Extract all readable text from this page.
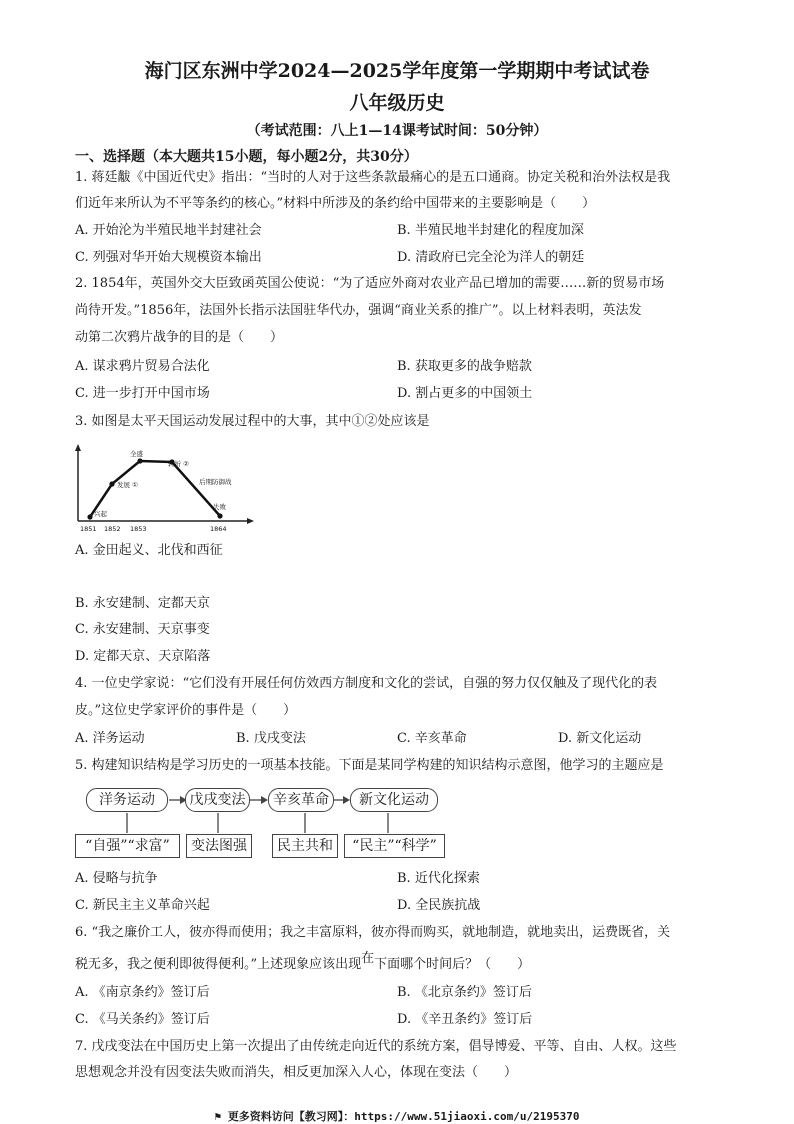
海门区东洲中学2024—2025学年度第一学期期中考试试卷
八年级历史
（考试范围：八上1—14课考试时间：50分钟）
一、选择题（本大题共15小题，每小题2分，共30分）
1. 蒋廷黻《中国近代史》指出：“当时的人对于这些条款最痛心的是五口通商。协定关税和治外法权是我
们近年来所认为不平等条约的核心。”材料中所涉及的条约给中国带来的主要影响是（　　）
A. 开始沦为半殖民地半封建社会	B. 半殖民地半封建化的程度加深
C. 列强对华开始大规模资本输出	D. 清政府已完全沦为洋人的朝廷
2. 1854年，英国外交大臣致函英国公使说：“为了适应外商对农业产品已增加的需要……新的贸易市场
尚待开发。”1856年，法国外长指示法国驻华代办，强调“商业关系的推广”。以上材料表明，英法发
动第二次鸦片战争的目的是（　　）
A. 谋求鸦片贸易合法化	B. 获取更多的战争赔款
C. 进一步打开中国市场	D. 割占更多的中国领土
3. 如图是太平天国运动发展过程中的大事，其中①②处应该是
兴起
发展 ①
全盛
转折 ②
后期防御战
失败
1851 1852 1853	1864
A. 金田起义、北伐和西征
B. 永安建制、定都天京
C. 永安建制、天京事变
D. 定都天京、天京陷落
4. 一位史学家说：“它们没有开展任何仿效西方制度和文化的尝试，自强的努力仅仅触及了现代化的表
皮。”这位史学家评价的事件是（　　）
A. 洋务运动	B. 戊戌变法	C. 辛亥革命	D. 新文化运动
5. 构建知识结构是学习历史的一项基本技能。下面是某同学构建的知识结构示意图，他学习的主题应是
洋务运动	戊戌变法	辛亥革命	新文化运动
“自强”“求富”	变法图强	民主共和	“民主”“科学”
A. 侵略与抗争	B. 近代化探索
C. 新民主主义革命兴起	D. 全民族抗战
6. “我之廉价工人，彼亦得而使用；我之丰富原料，彼亦得而购买，就地制造，就地卖出，运费既省，关
税无多，我之便利即彼得便利。”上述现象应该出现在下面哪个时间后？（　　）
A. 《南京条约》签订后	B. 《北京条约》签订后
C. 《马关条约》签订后	D. 《辛丑条约》签订后
7. 戊戌变法在中国历史上第一次提出了由传统走向近代的系统方案，倡导博爱、平等、自由、人权。这些
思想观念并没有因变法失败而消失，相反更加深入人心，体现在变法（　　）
⚑ 更多资料访问【教习网】：https://www.51jiaoxi.com/u/2195370
